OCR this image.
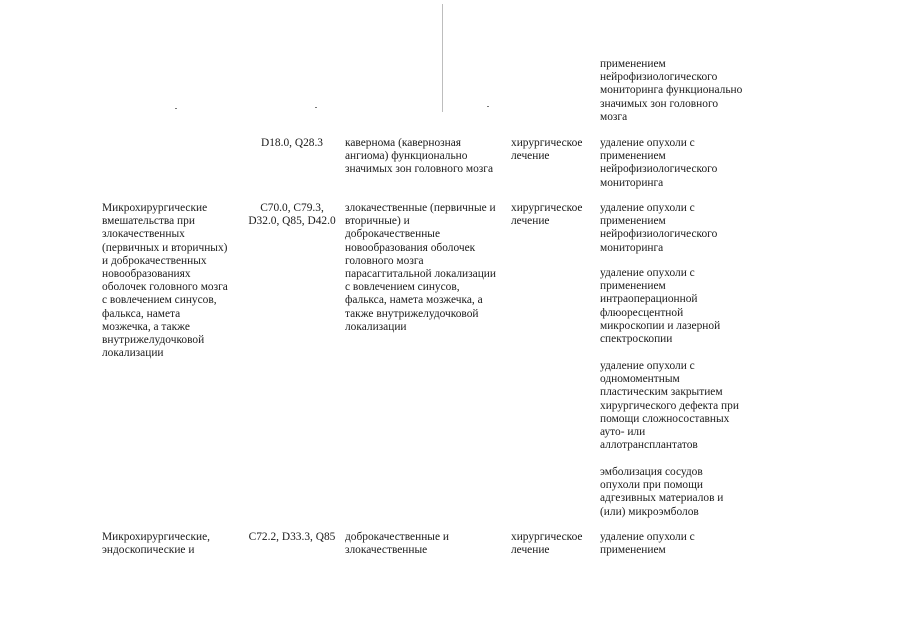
применением
нейрофизиологического
мониторинга функционально
значимых зон головного
мозга

D18.0, Q28.3	кавернома (кавернозная
ангиома) функционально
значимых зон головного мозга

хирургическое
лечение

удаление опухоли с
применением
нейрофизиологического
мониторинга

Микрохирургические
вмешательства при
злокачественных
(первичных и вторичных)
и доброкачественных
новообразованиях
оболочек головного мозга
с вовлечением синусов,
фалькса, намета
мозжечка, а также
внутрижелудочковой
локализации

C70.0, C79.3,
D32.0, Q85, D42.0

злокачественные (первичные и
вторичные) и
доброкачественные
новообразования оболочек
головного мозга
парасаггитальной локализации
с вовлечением синусов,
фалькса, намета мозжечка, а
также внутрижелудочковой
локализации

хирургическое
лечение

удаление опухоли с
применением
нейрофизиологического
мониторинга

удаление опухоли с
применением
интраоперационной
флюоресцентной
микроскопии и лазерной
спектроскопии

удаление опухоли с
одномоментным
пластическим закрытием
хирургического дефекта при
помощи сложносоставных
ауто- или
аллотрансплантатов

эмболизация сосудов
опухоли при помощи
адгезивных материалов и
(или) микроэмболов

Микрохирургические,
эндоскопические и

C72.2, D33.3, Q85 доброкачественные и
злокачественные

хирургическое
лечение

удаление опухоли с
применением
